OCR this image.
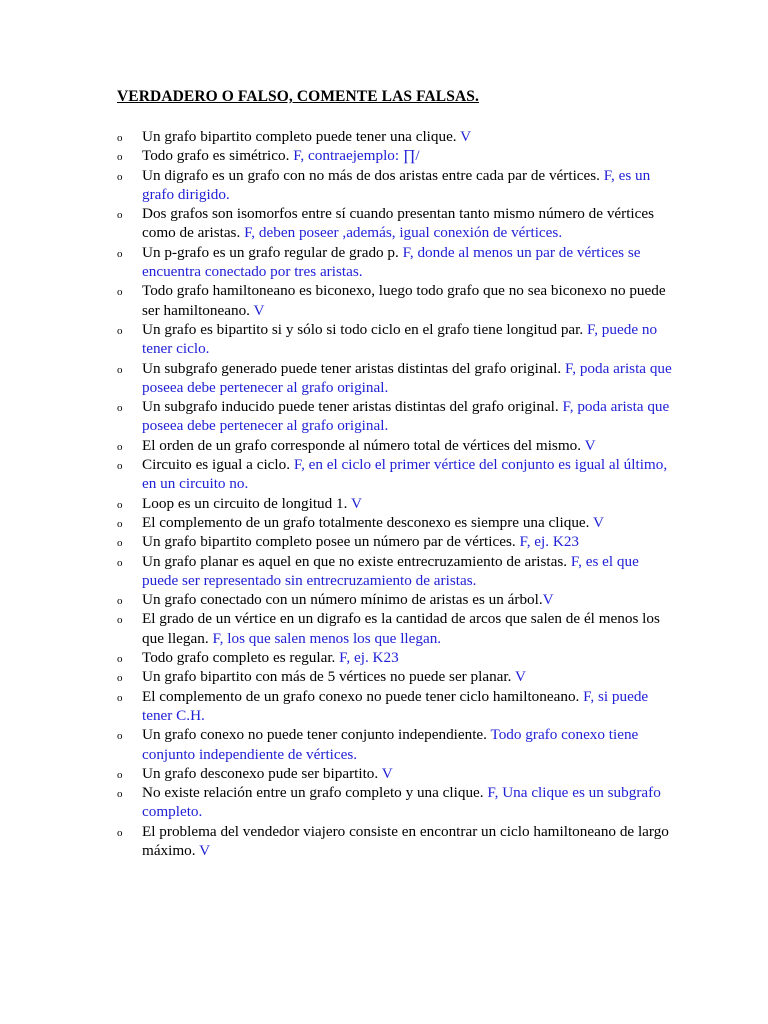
VERDADERO O FALSO, COMENTE LAS FALSAS.
o Un grafo bipartito completo puede tener una clique. V
o Todo grafo es simétrico. F, contraejemplo: ∏/
o Un digrafo es un grafo con no más de dos aristas entre cada par de vértices. F, es un grafo dirigido.
o Dos grafos son isomorfos entre sí cuando presentan tanto mismo número de vértices como de aristas. F, deben poseer ,además, igual conexión de vértices.
o Un p-grafo es un grafo regular de grado p. F, donde al menos un par de vértices se encuentra conectado por tres aristas.
o Todo grafo hamiltoneano es biconexo, luego todo grafo que no sea biconexo no puede ser hamiltoneano. V
o Un grafo es bipartito si y sólo si todo ciclo en el grafo tiene longitud par. F, puede no tener ciclo.
o Un subgrafo generado puede tener aristas distintas del grafo original. F, poda arista que poseea debe pertenecer al grafo original.
o Un subgrafo inducido puede tener aristas distintas del grafo original. F, poda arista que poseea debe pertenecer al grafo original.
o El orden de un grafo corresponde al número total de vértices del mismo. V
o Circuito es igual a ciclo. F, en el ciclo el primer vértice del conjunto es igual al último, en un circuito no.
o Loop es un circuito de longitud 1. V
o El complemento de un grafo totalmente desconexo es siempre una clique. V
o Un grafo bipartito completo posee un número par de vértices. F, ej. K23
o Un grafo planar es aquel en que no existe entrecruzamiento de aristas. F, es el que puede ser representado sin entrecruzamiento de aristas.
o Un grafo conectado con un número mínimo de aristas es un árbol.V
o El grado de un vértice en un digrafo es la cantidad de arcos que salen de él menos los que llegan. F, los que salen menos los que llegan.
o Todo grafo completo es regular. F, ej. K23
o Un grafo bipartito con más de 5 vértices no puede ser planar. V
o El complemento de un grafo conexo no puede tener ciclo hamiltoneano. F, si puede tener C.H.
o Un grafo conexo no puede tener conjunto independiente. Todo grafo conexo tiene conjunto independiente de vértices.
o Un grafo desconexo pude ser bipartito. V
o No existe relación entre un grafo completo y una clique. F, Una clique es un subgrafo completo.
o El problema del vendedor viajero consiste en encontrar un ciclo hamiltoneano de largo máximo. V
